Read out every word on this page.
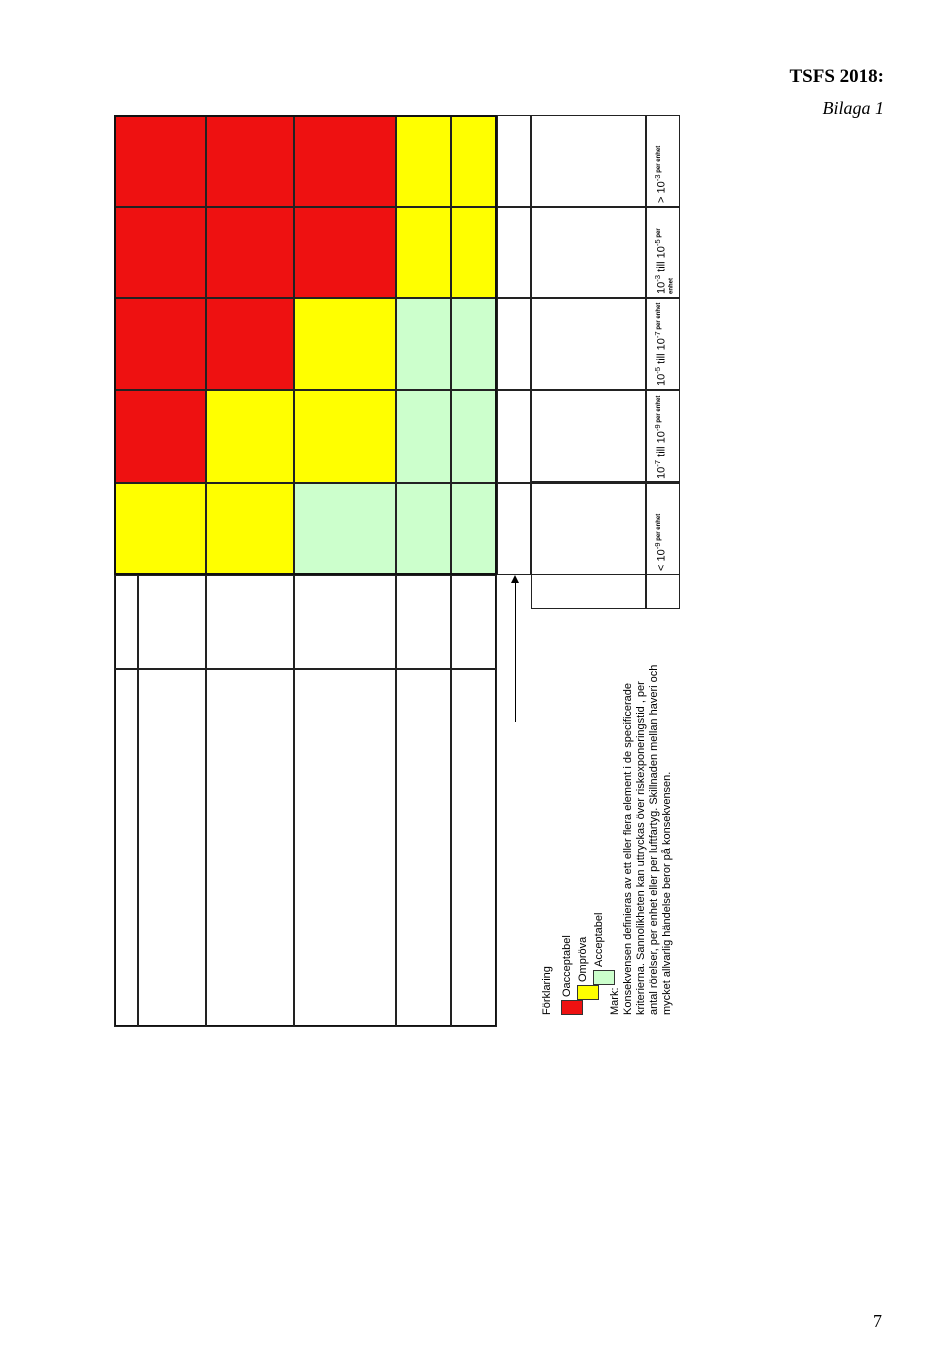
TSFS 2018:
Bilaga 1
7
< $10^{-9}$ $^{per enhet}$
$10^{-7}$ till $10^{-9}$ $^{per enhet}$
$10^{-5}$ till $10^{-7}$ $^{per enhet}$
$10^{-3}$ till $10^{-5}$ $^{per enhet}$
> $10^{-3}$ $^{per enhet}$
Förklaring Oacceptabel Ompröva Acceptabel
Mark: Konsekvensen definieras av ett eller flera element i de specificerade kriterierna. Sannolikheten kan uttryckas över riskexponeringstid , per antal rörelser, per enhet eller per luftfartyg. Skillnaden mellan haveri och mycket allvarlig händelse beror på konsekvensen.
